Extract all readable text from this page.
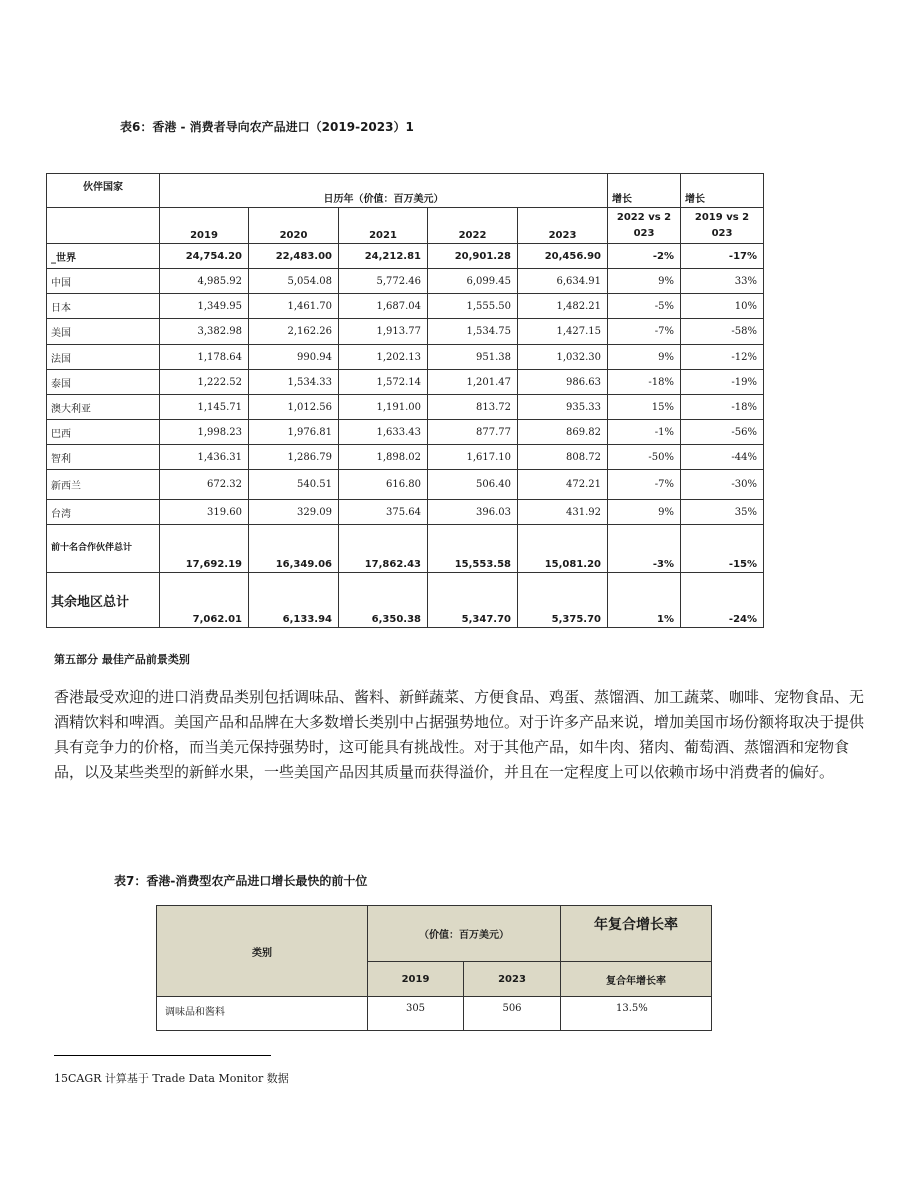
表6：香港 - 消费者导向农产品进口（2019-2023）1
伙伴国家	日历年（价值：百万美元）					增长	增长
	2019	2020	2021	2022	2023	2022 vs 2 023	2019 vs 2 023
_世界	24,754.20	22,483.00	24,212.81	20,901.28	20,456.90	-2%	-17%
中国	4,985.92	5,054.08	5,772.46	6,099.45	6,634.91	9%	33%
日本	1,349.95	1,461.70	1,687.04	1,555.50	1,482.21	-5%	10%
美国	3,382.98	2,162.26	1,913.77	1,534.75	1,427.15	-7%	-58%
法国	1,178.64	990.94	1,202.13	951.38	1,032.30	9%	-12%
泰国	1,222.52	1,534.33	1,572.14	1,201.47	986.63	-18%	-19%
澳大利亚	1,145.71	1,012.56	1,191.00	813.72	935.33	15%	-18%
巴西	1,998.23	1,976.81	1,633.43	877.77	869.82	-1%	-56%
智利	1,436.31	1,286.79	1,898.02	1,617.10	808.72	-50%	-44%
新西兰	672.32	540.51	616.80	506.40	472.21	-7%	-30%
台湾	319.60	329.09	375.64	396.03	431.92	9%	35%
前十名合作伙伴总计	17,692.19	16,349.06	17,862.43	15,553.58	15,081.20	-3%	-15%
其余地区总计	7,062.01	6,133.94	6,350.38	5,347.70	5,375.70	1%	-24%
第五部分 最佳产品前景类别
香港最受欢迎的进口消费品类别包括调味品、酱料、新鲜蔬菜、方便食品、鸡蛋、蒸馏酒、加工蔬菜、咖啡、宠物食品、无酒精饮料和啤酒。美国产品和品牌在大多数增长类别中占据强势地位。对于许多产品来说，增加美国市场份额将取决于提供具有竞争力的价格，而当美元保持强势时，这可能具有挑战性。对于其他产品，如牛肉、猪肉、葡萄酒、蒸馏酒和宠物食品，以及某些类型的新鲜水果，一些美国产品因其质量而获得溢价，并且在一定程度上可以依赖市场中消费者的偏好。
表7：香港-消费型农产品进口增长最快的前十位
类别	（价值：百万美元）		年复合增长率
	2019	2023	复合年增长率
调味品和酱料	305	506	13.5%
15CAGR 计算基于 Trade Data Monitor 数据
